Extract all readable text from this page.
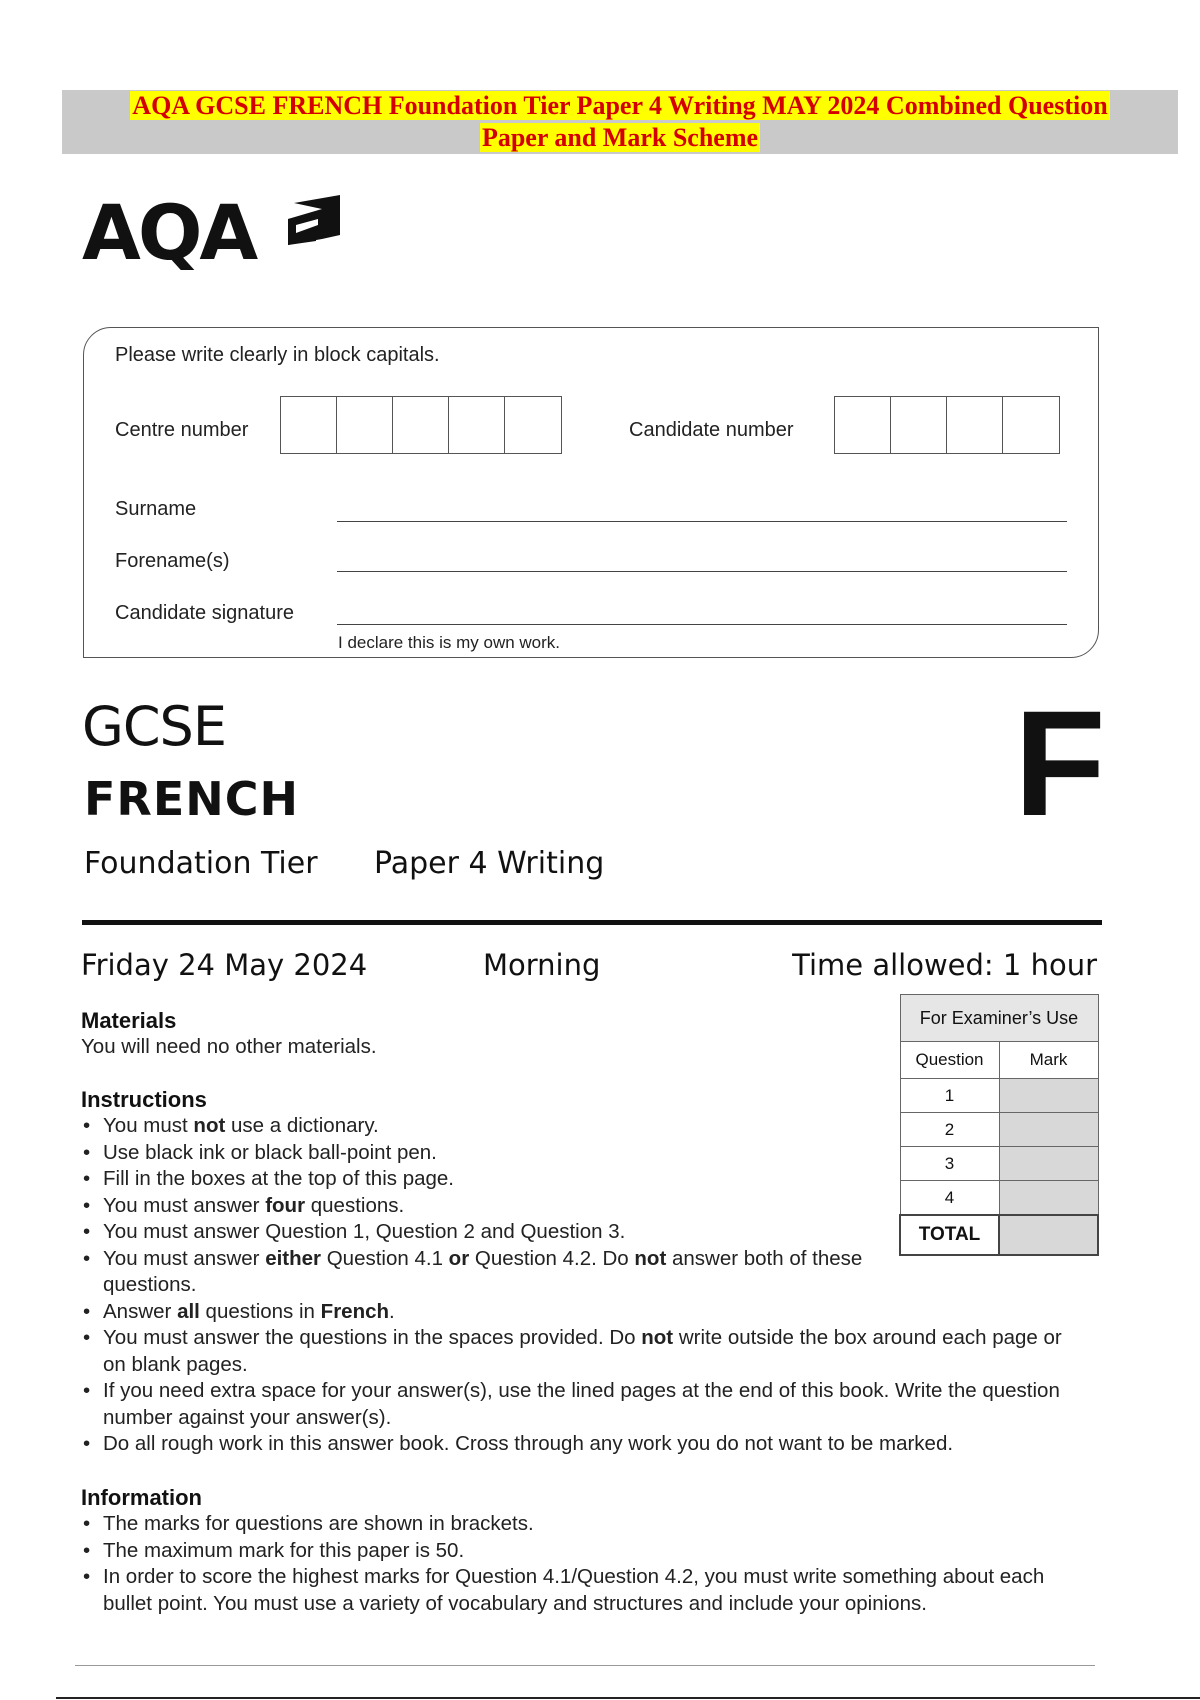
AQA GCSE FRENCH Foundation Tier Paper 4 Writing MAY 2024 Combined Question
Paper and Mark Scheme
AQA
Please write clearly in block capitals.
Centre number	Candidate number
Surname
Forename(s)
Candidate signature
I declare this is my own work.
GCSE
FRENCH
Foundation Tier Paper 4 Writing
F
Friday 24 May 2024	Morning	Time allowed: 1 hour
For Examiner’s Use	
Question	Mark
1	
2	
3	
4	
TOTAL	
Materials
You will need no other materials.
Instructions
• You must not use a dictionary.
• Use black ink or black ball-point pen.
• Fill in the boxes at the top of this page.
• You must answer four questions.
• You must answer Question 1, Question 2 and Question 3.
• You must answer either Question 4.1 or Question 4.2. Do not answer both of these questions.
• Answer all questions in French.
• You must answer the questions in the spaces provided. Do not write outside the box around each page or on blank pages.
• If you need extra space for your answer(s), use the lined pages at the end of this book. Write the question number against your answer(s).
• Do all rough work in this answer book. Cross through any work you do not want to be marked.
Information
• The marks for questions are shown in brackets.
• The maximum mark for this paper is 50.
• In order to score the highest marks for Question 4.1/Question 4.2, you must write something about each bullet point. You must use a variety of vocabulary and structures and include your opinions.
